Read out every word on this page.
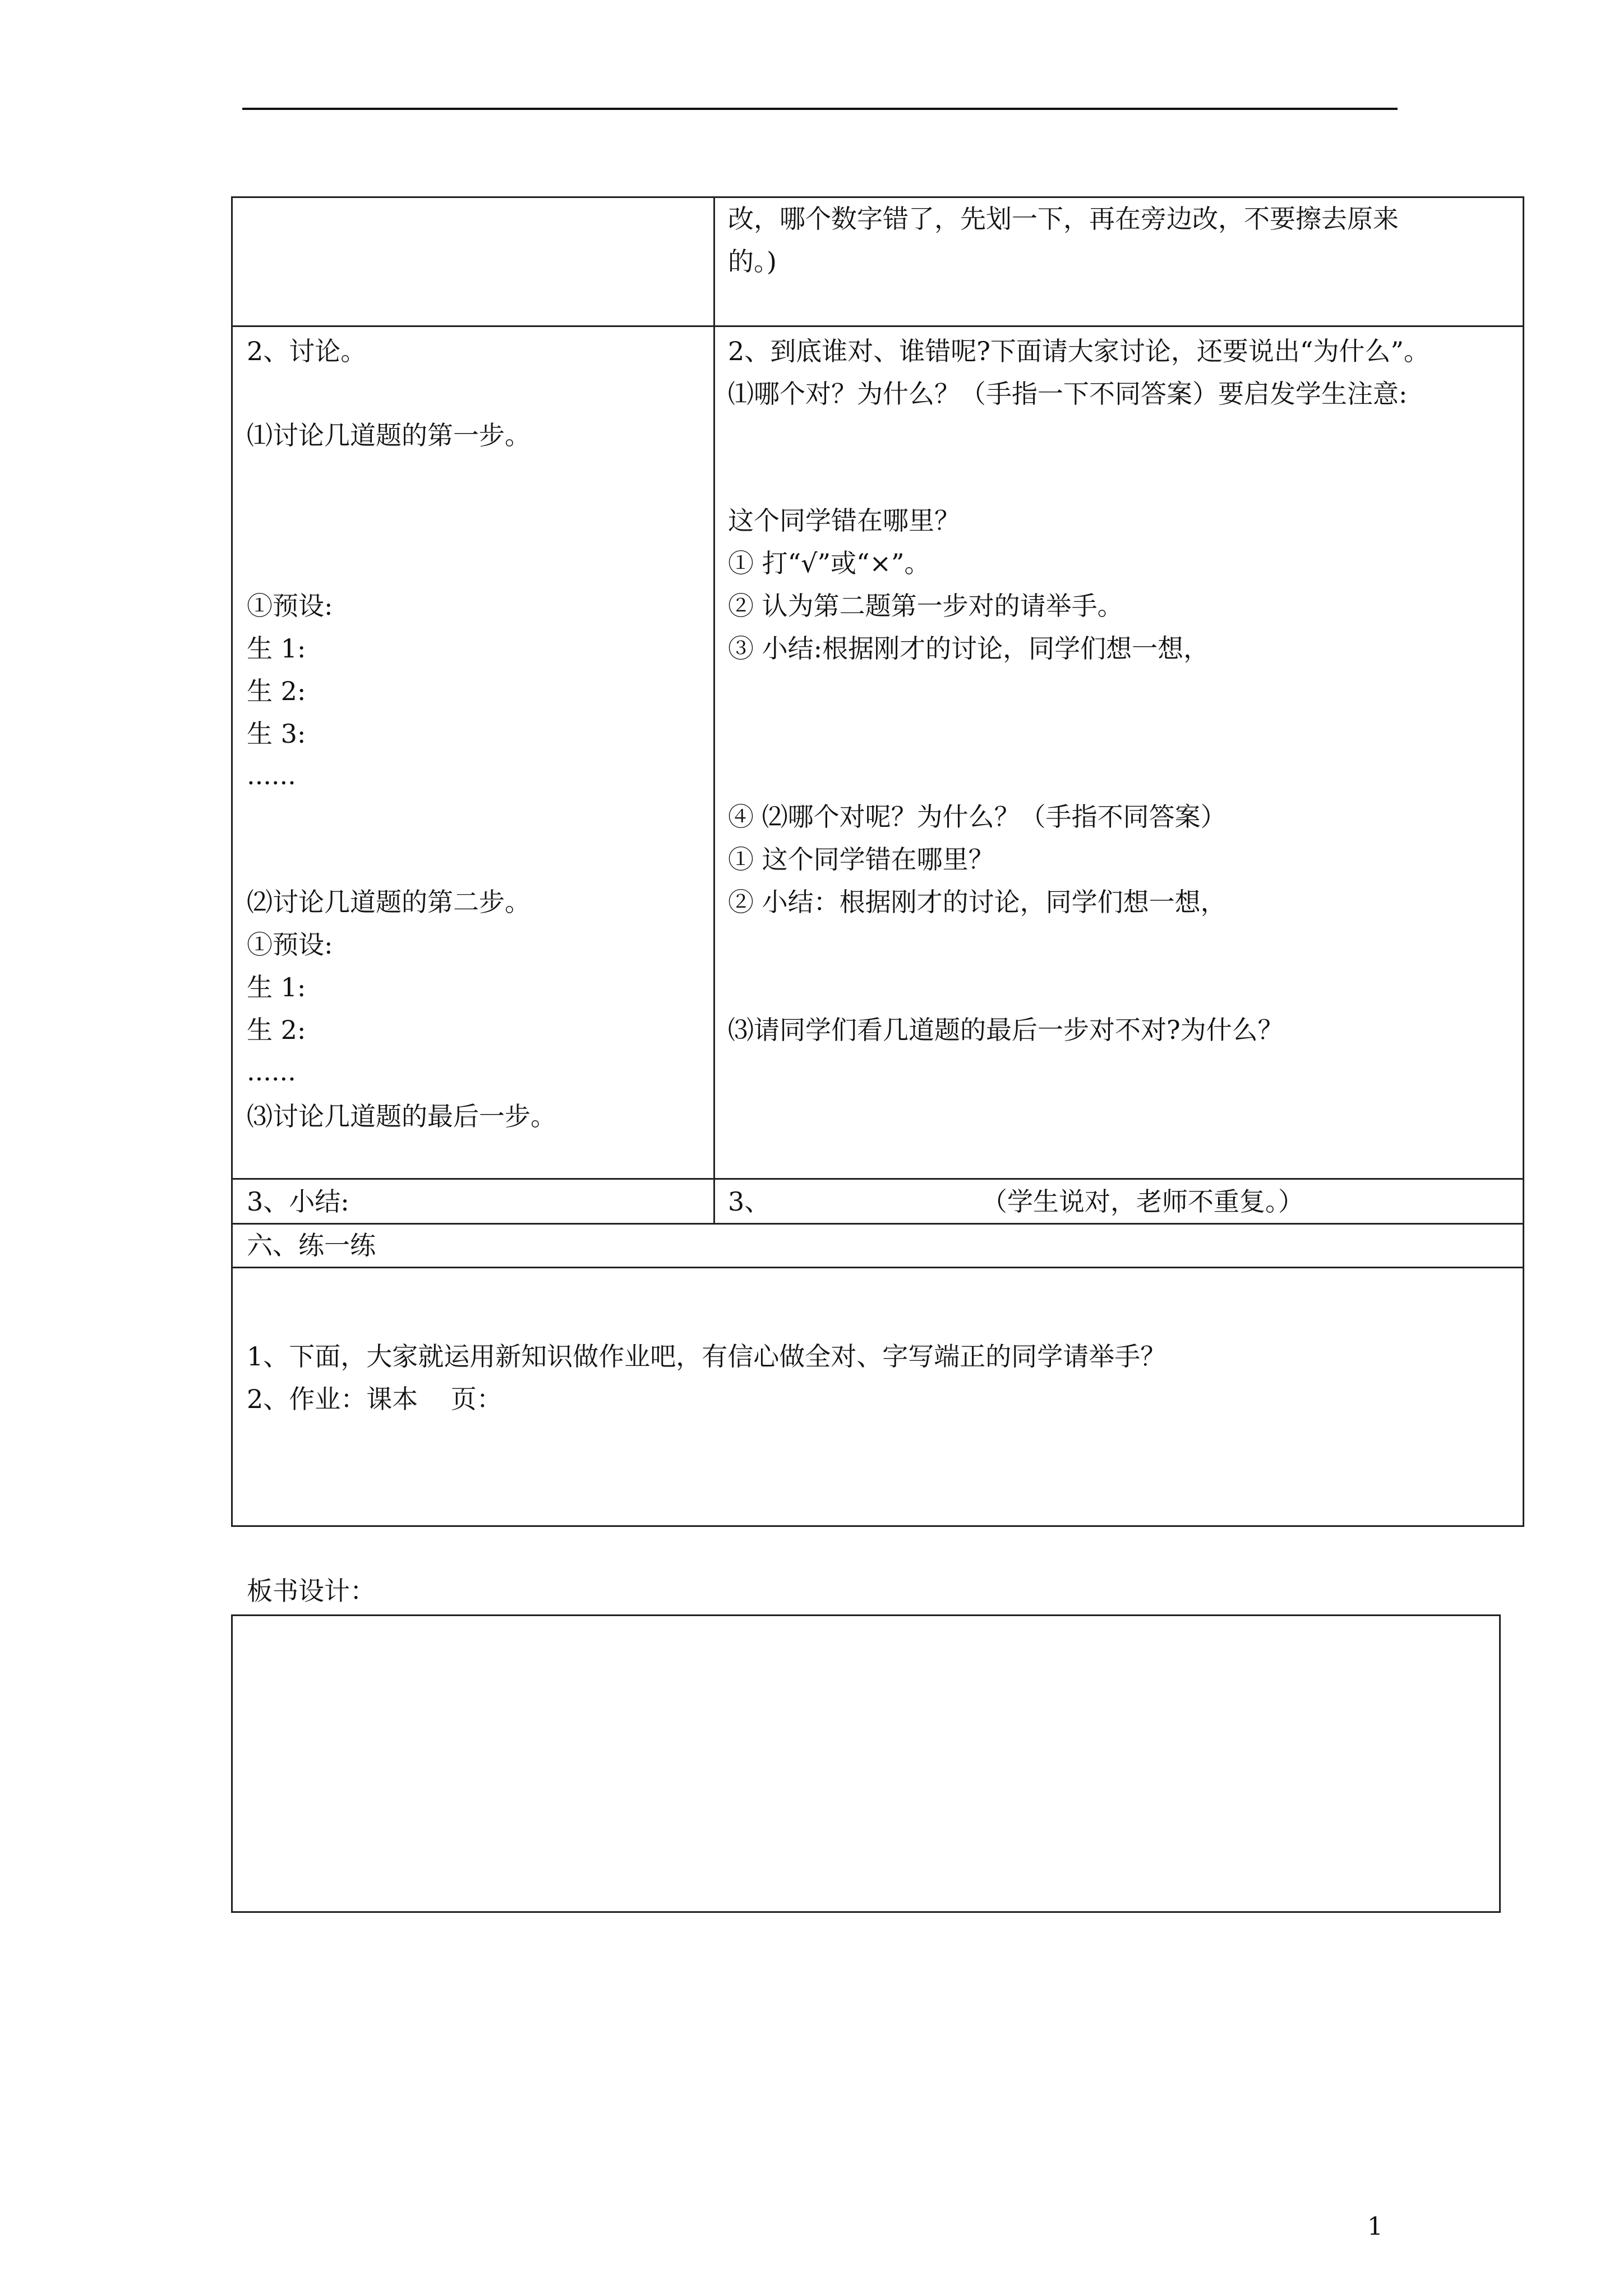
改，哪个数字错了，先划一下，再在旁边改，不要擦去原来
的。)
2、讨论。
⑴讨论几道题的第一步。
①预设:
生 1:
生 2:
生 3:
......
⑵讨论几道题的第二步。
①预设:
生 1:
生 2:
......
⑶讨论几道题的最后一步。
2、到底谁对、谁错呢?下面请大家讨论，还要说出“为什么”。
⑴哪个对？为什么？（手指一下不同答案）要启发学生注意:
这个同学错在哪里？
① 打“√”或“×”。
② 认为第二题第一步对的请举手。
③ 小结:根据刚才的讨论，同学们想一想，
④ ⑵哪个对呢？为什么？（手指不同答案）
① 这个同学错在哪里？
② 小结：根据刚才的讨论，同学们想一想，
⑶请同学们看几道题的最后一步对不对?为什么？
3、小结:	3、	（学生说对，老师不重复。）
六、练一练
1、下面，大家就运用新知识做作业吧，有信心做全对、字写端正的同学请举手？
2、作业：课本    页：
板书设计：
1
